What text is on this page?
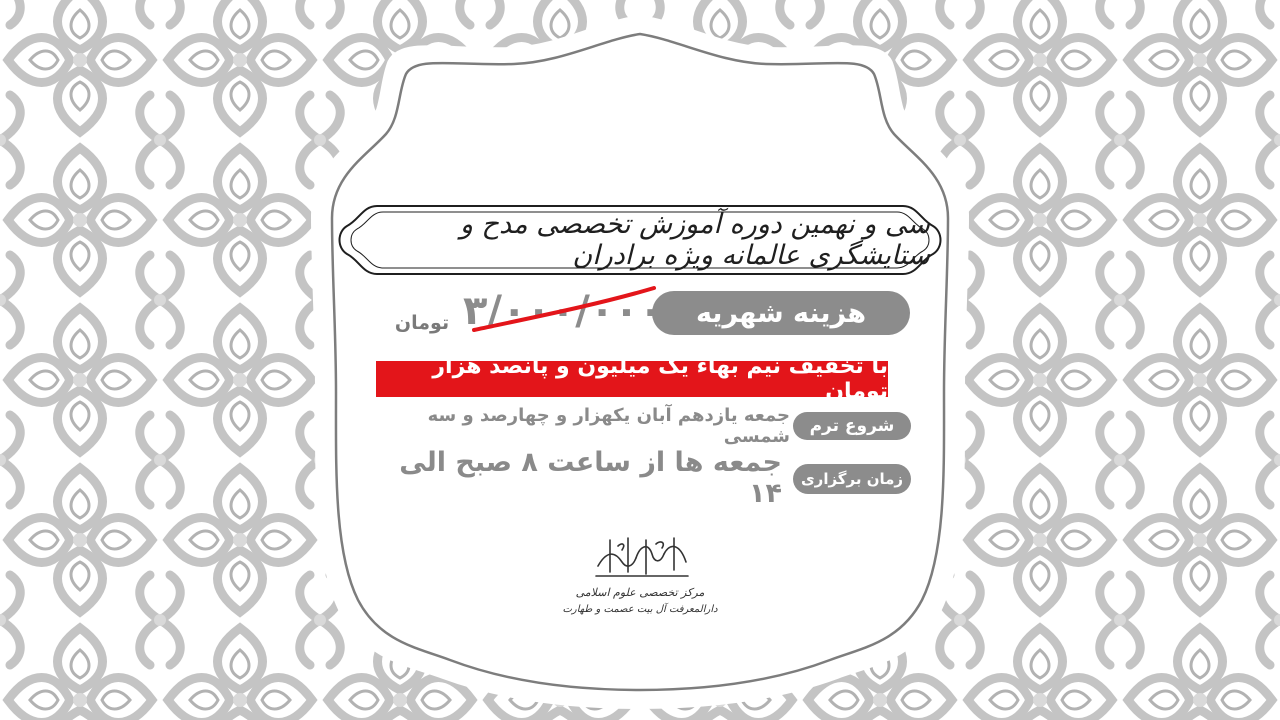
سی و نهمین دوره آموزش تخصصی مدح و ستایشگری عالمانه ویژه برادران
هزینه شهریه
۳/۰۰۰/۰۰۰
تومان
با تخفیف نیم بهاء یک میلیون و پانصد هزار تومان
شروع ترم
جمعه یازدهم آبان یکهزار و چهارصد و سه شمسی
زمان برگزاری
جمعه ها از ساعت ۸ صبح الی ۱۴
مرکز تخصصی علوم اسلامی
دارالمعرفت آل بیت عصمت و طهارت
